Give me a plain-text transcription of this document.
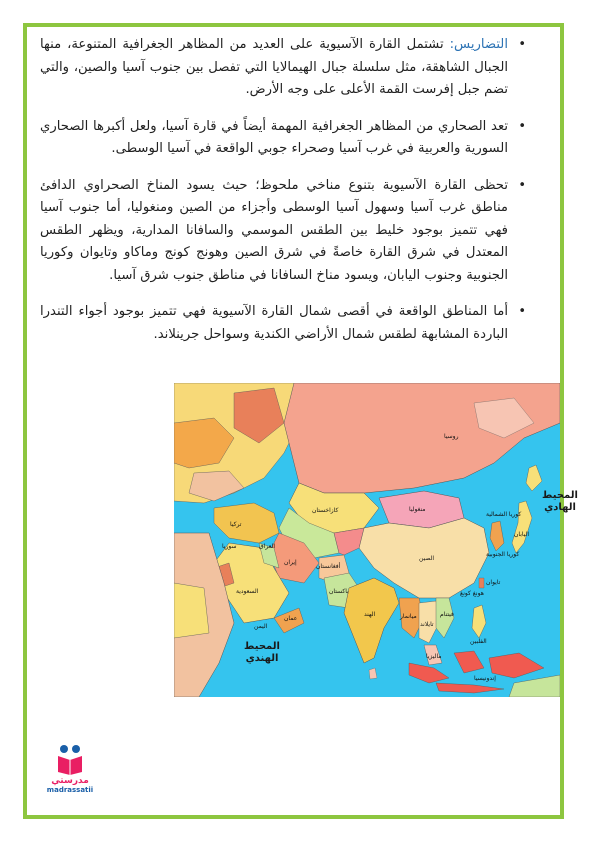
•
التضاريس: تشتمل القارة الآسيوية على العديد من المظاهر الجغرافية المتنوعة، منها الجبال الشاهقة، مثل سلسلة جبال الهيمالايا التي تفصل بين جنوب آسيا والصين، والتي تضم جبل إفرست القمة الأعلى على وجه الأرض.
•
تعد الصحاري من المظاهر الجغرافية المهمة أيضاً في قارة آسيا، ولعل أكبرها الصحاري السورية والعربية في غرب آسيا وصحراء جوبي الواقعة في آسيا الوسطى.
•
تحظى القارة الآسيوية بتنوع مناخي ملحوظ؛ حيث يسود المناخ الصحراوي الدافئ مناطق غرب آسيا وسهول آسيا الوسطى وأجزاء من الصين ومنغوليا، أما جنوب آسيا فهي تتميز بوجود خليط بين الطقس الموسمي والسافانا المدارية، ويظهر الطقس المعتدل في شرق القارة خاصةً في شرق الصين وهونج كونج وماكاو وتايوان وكوريا الجنوبية وجنوب اليابان، ويسود مناخ السافانا في مناطق جنوب شرق آسيا.
•
أما المناطق الواقعة في أقصى شمال القارة الآسيوية فهي تتميز بوجود أجواء التندرا الباردة المشابهة لطقس شمال الأراضي الكندية وسواحل جرينلاند.
روسيا
كازاخستان	منغوليا
الصين
الهند
إيران
السعودية
تركيا
اليابان
كوريا الشمالية
كوريا الجنوبية
أفغانستان
باكستان
العراق
سوريا
اليمن
عمان	ميانمار
تايلاند
فيتنام
الفلبين
ماليزيا
إندونيسيا
تايوان
هونغ كونغ
المحيط الهادي
المحيط الهندي
مدرستي
madrassatii
